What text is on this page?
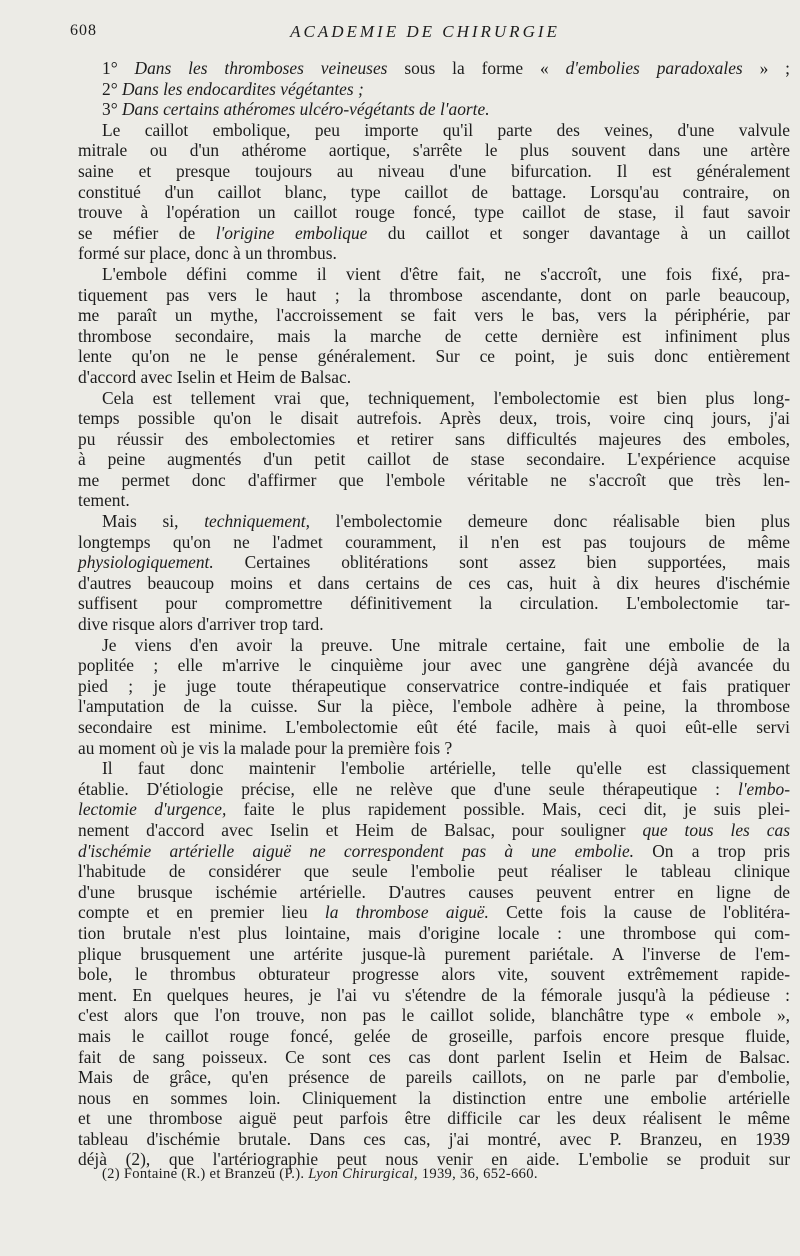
608	ACADEMIE DE CHIRURGIE
1° Dans les thromboses veineuses sous la forme « d'embolies paradoxales » ;
2° Dans les endocardites végétantes ;
3° Dans certains athéromes ulcéro-végétants de l'aorte.
Le caillot embolique, peu importe qu'il parte des veines, d'une valvule
mitrale ou d'un athérome aortique, s'arrête le plus souvent dans une artère
saine et presque toujours au niveau d'une bifurcation. Il est généralement
constitué d'un caillot blanc, type caillot de battage. Lorsqu'au contraire, on
trouve à l'opération un caillot rouge foncé, type caillot de stase, il faut savoir
se méfier de l'origine embolique du caillot et songer davantage à un caillot
formé sur place, donc à un thrombus.
L'embole défini comme il vient d'être fait, ne s'accroît, une fois fixé, pra-
tiquement pas vers le haut ; la thrombose ascendante, dont on parle beaucoup,
me paraît un mythe, l'accroissement se fait vers le bas, vers la périphérie, par
thrombose secondaire, mais la marche de cette dernière est infiniment plus
lente qu'on ne le pense généralement. Sur ce point, je suis donc entièrement
d'accord avec Iselin et Heim de Balsac.
Cela est tellement vrai que, techniquement, l'embolectomie est bien plus long-
temps possible qu'on le disait autrefois. Après deux, trois, voire cinq jours, j'ai
pu réussir des embolectomies et retirer sans difficultés majeures des emboles,
à peine augmentés d'un petit caillot de stase secondaire. L'expérience acquise
me permet donc d'affirmer que l'embole véritable ne s'accroît que très len-
tement.
Mais si, techniquement, l'embolectomie demeure donc réalisable bien plus
longtemps qu'on ne l'admet couramment, il n'en est pas toujours de même
physiologiquement. Certaines oblitérations sont assez bien supportées, mais
d'autres beaucoup moins et dans certains de ces cas, huit à dix heures d'ischémie
suffisent pour compromettre définitivement la circulation. L'embolectomie tar-
dive risque alors d'arriver trop tard.
Je viens d'en avoir la preuve. Une mitrale certaine, fait une embolie de la
poplitée ; elle m'arrive le cinquième jour avec une gangrène déjà avancée du
pied ; je juge toute thérapeutique conservatrice contre-indiquée et fais pratiquer
l'amputation de la cuisse. Sur la pièce, l'embole adhère à peine, la thrombose
secondaire est minime. L'embolectomie eût été facile, mais à quoi eût-elle servi
au moment où je vis la malade pour la première fois ?
Il faut donc maintenir l'embolie artérielle, telle qu'elle est classiquement
établie. D'étiologie précise, elle ne relève que d'une seule thérapeutique : l'embo-
lectomie d'urgence, faite le plus rapidement possible. Mais, ceci dit, je suis plei-
nement d'accord avec Iselin et Heim de Balsac, pour souligner que tous les cas
d'ischémie artérielle aiguë ne correspondent pas à une embolie. On a trop pris
l'habitude de considérer que seule l'embolie peut réaliser le tableau clinique
d'une brusque ischémie artérielle. D'autres causes peuvent entrer en ligne de
compte et en premier lieu la thrombose aiguë. Cette fois la cause de l'oblitéra-
tion brutale n'est plus lointaine, mais d'origine locale : une thrombose qui com-
plique brusquement une artérite jusque-là purement pariétale. A l'inverse de l'em-
bole, le thrombus obturateur progresse alors vite, souvent extrêmement rapide-
ment. En quelques heures, je l'ai vu s'étendre de la fémorale jusqu'à la pédieuse :
c'est alors que l'on trouve, non pas le caillot solide, blanchâtre type « embole »,
mais le caillot rouge foncé, gelée de groseille, parfois encore presque fluide,
fait de sang poisseux. Ce sont ces cas dont parlent Iselin et Heim de Balsac.
Mais de grâce, qu'en présence de pareils caillots, on ne parle par d'embolie,
nous en sommes loin. Cliniquement la distinction entre une embolie artérielle
et une thrombose aiguë peut parfois être difficile car les deux réalisent le même
tableau d'ischémie brutale. Dans ces cas, j'ai montré, avec P. Branzeu, en 1939
déjà (2), que l'artériographie peut nous venir en aide. L'embolie se produit sur
(2) Fontaine (R.) et Branzeu (P.). Lyon Chirurgical, 1939, 36, 652-660.
